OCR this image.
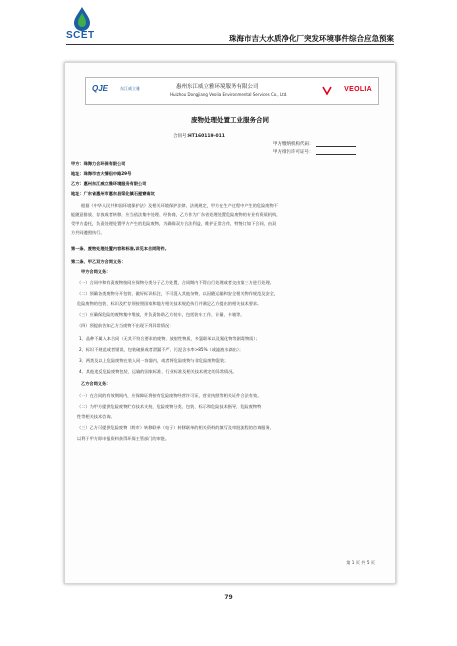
SCET	珠海市吉大水质净化厂突发环境事件综合应急预案
QJE	东江威立雅	惠州东江威立雅环境服务有限公司
Huizhou Dongjiang Veolia Environmental Services Co., Ltd.
VEOLIA
废物处理处置工业服务合同
合同号:HT160119-011
甲方缴纳机构代码：
甲方排污许可证号：
甲方：珠海力合环保有限公司
地址：珠海市吉大情侣中路29号
乙方：惠州东江威立雅环境服务有限公司
地址：广东省惠州市惠东县梁化镇石屋寮南坑
根据《中华人民共和国环境保护法》及相关环境保护法律、法规规定，甲方在生产过程中产生的危险废物不
能随意排放、存放或者转移，应当依法集中处理、经协商，乙方作为广东省处理处置危险废物的专业有资质机构，
受甲方委托，负责处理处置甲方产生的危险废物，为确保双方合法利益，维护正常合作，特签订如下合同，由双
方共同遵照执行。
第一条、废物处理处置内容和标准,详见本合同附件。
第二条、甲乙双方合同义务：
甲方合同义务：
（一）合同中和有责废物按同应保物分类分子乙方处置，合同期内不得自行处理或者交由第三方进行处理。
（二）须确各类废物分开包装、做好标识标注，不可混入其他杂物，以因随运输和安全相关物作规范及安全，
危险废物的包装、标识及贮存须按照国家和地方相关技术规范执行并满足乙方提出的相关技术要求。
（三）应确保危险的废物集中堆放，并负责协助乙方装车，包括装车工作、计量、卡箱等。
（四）须提前告知乙方当废物不出现下列异常情况：
1、品种不属入本合同（无其不符合要求的废物、放射性物质、多氯联苯以及氰化物等剧毒物质）；
2、标识不规范或者错误，包装破损或者泄漏不严、污泥含水率>85%（或滤液水滴出）；
3、两类及以上危险废物在装入同一容器内，或者将危险废物与非危险废物混装；
4、其他违反危险废物包装、运输的国家标准、行业标准及相关技术规定的异常情况。
乙方合同义务：
（一）在合同的有效期间内，应保障证将按有危险废物经营许可证，营业执照等相关证件合法有效。
（二）为甲方提供危险废物贮存技术支持，危险废物分类、包装、标示和危险技术指导，危险废物特
性等相关技术咨询。
（三）乙方可提供危险废物（跨市）转移联单（电子）转移联单的相关资料的填写及审批流程的咨询服务，
以利于甲方即申报资料获得环保主管部门的审批。
第 1 页 共 5 页
79
